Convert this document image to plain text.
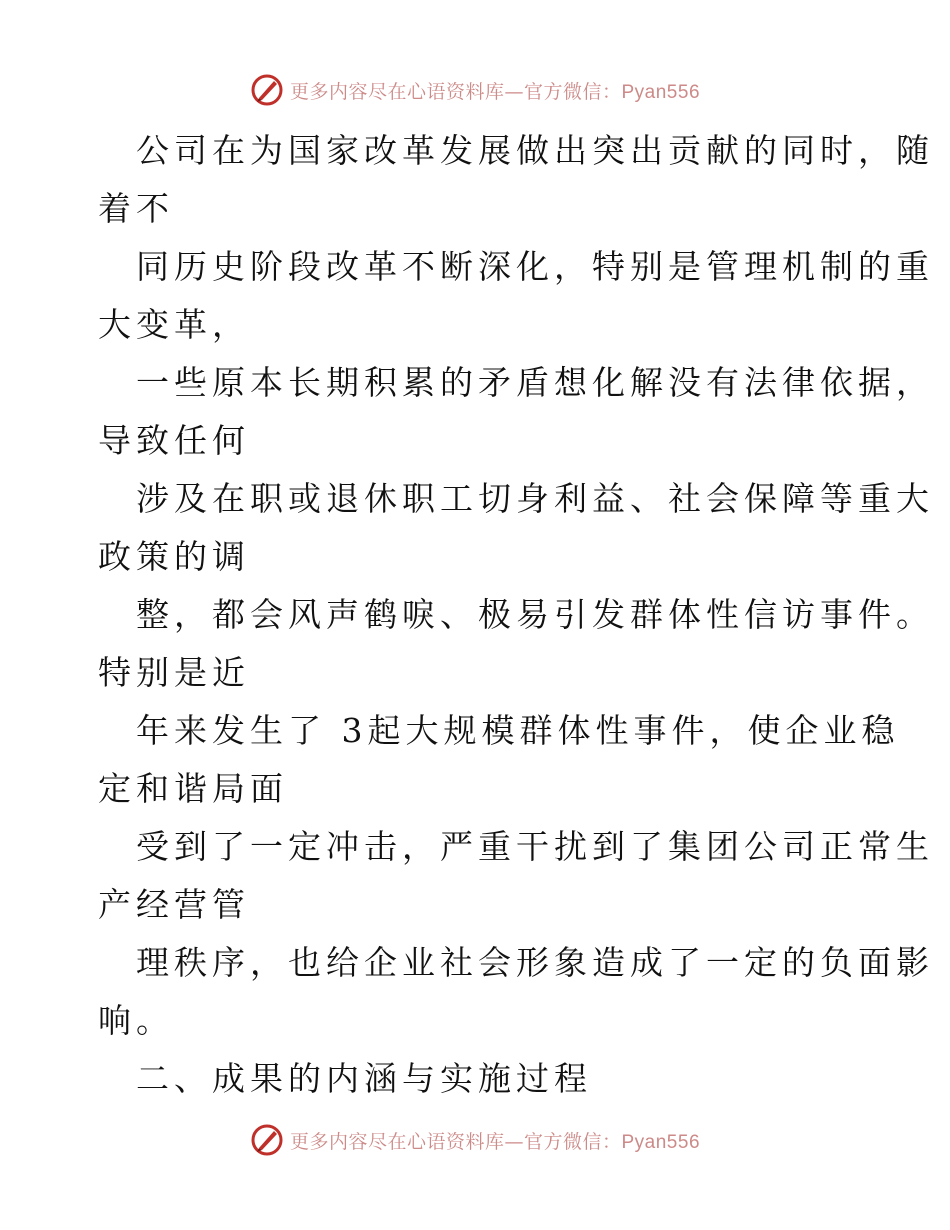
更多内容尽在心语资料库—官方微信：Pyan556

公司在为国家改革发展做出突出贡献的同时，随
着不

同历史阶段改革不断深化，特别是管理机制的重
大变革，

一些原本长期积累的矛盾想化解没有法律依据，
导致任何

涉及在职或退休职工切身利益、社会保障等重大
政策的调

整，都会风声鹤唳、极易引发群体性信访事件。
特别是近

年来发生了 3起大规模群体性事件，使企业稳
定和谐局面

受到了一定冲击，严重干扰到了集团公司正常生
产经营管

理秩序，也给企业社会形象造成了一定的负面影
响。

二、成果的内涵与实施过程
更多内容尽在心语资料库—官方微信：Pyan556
